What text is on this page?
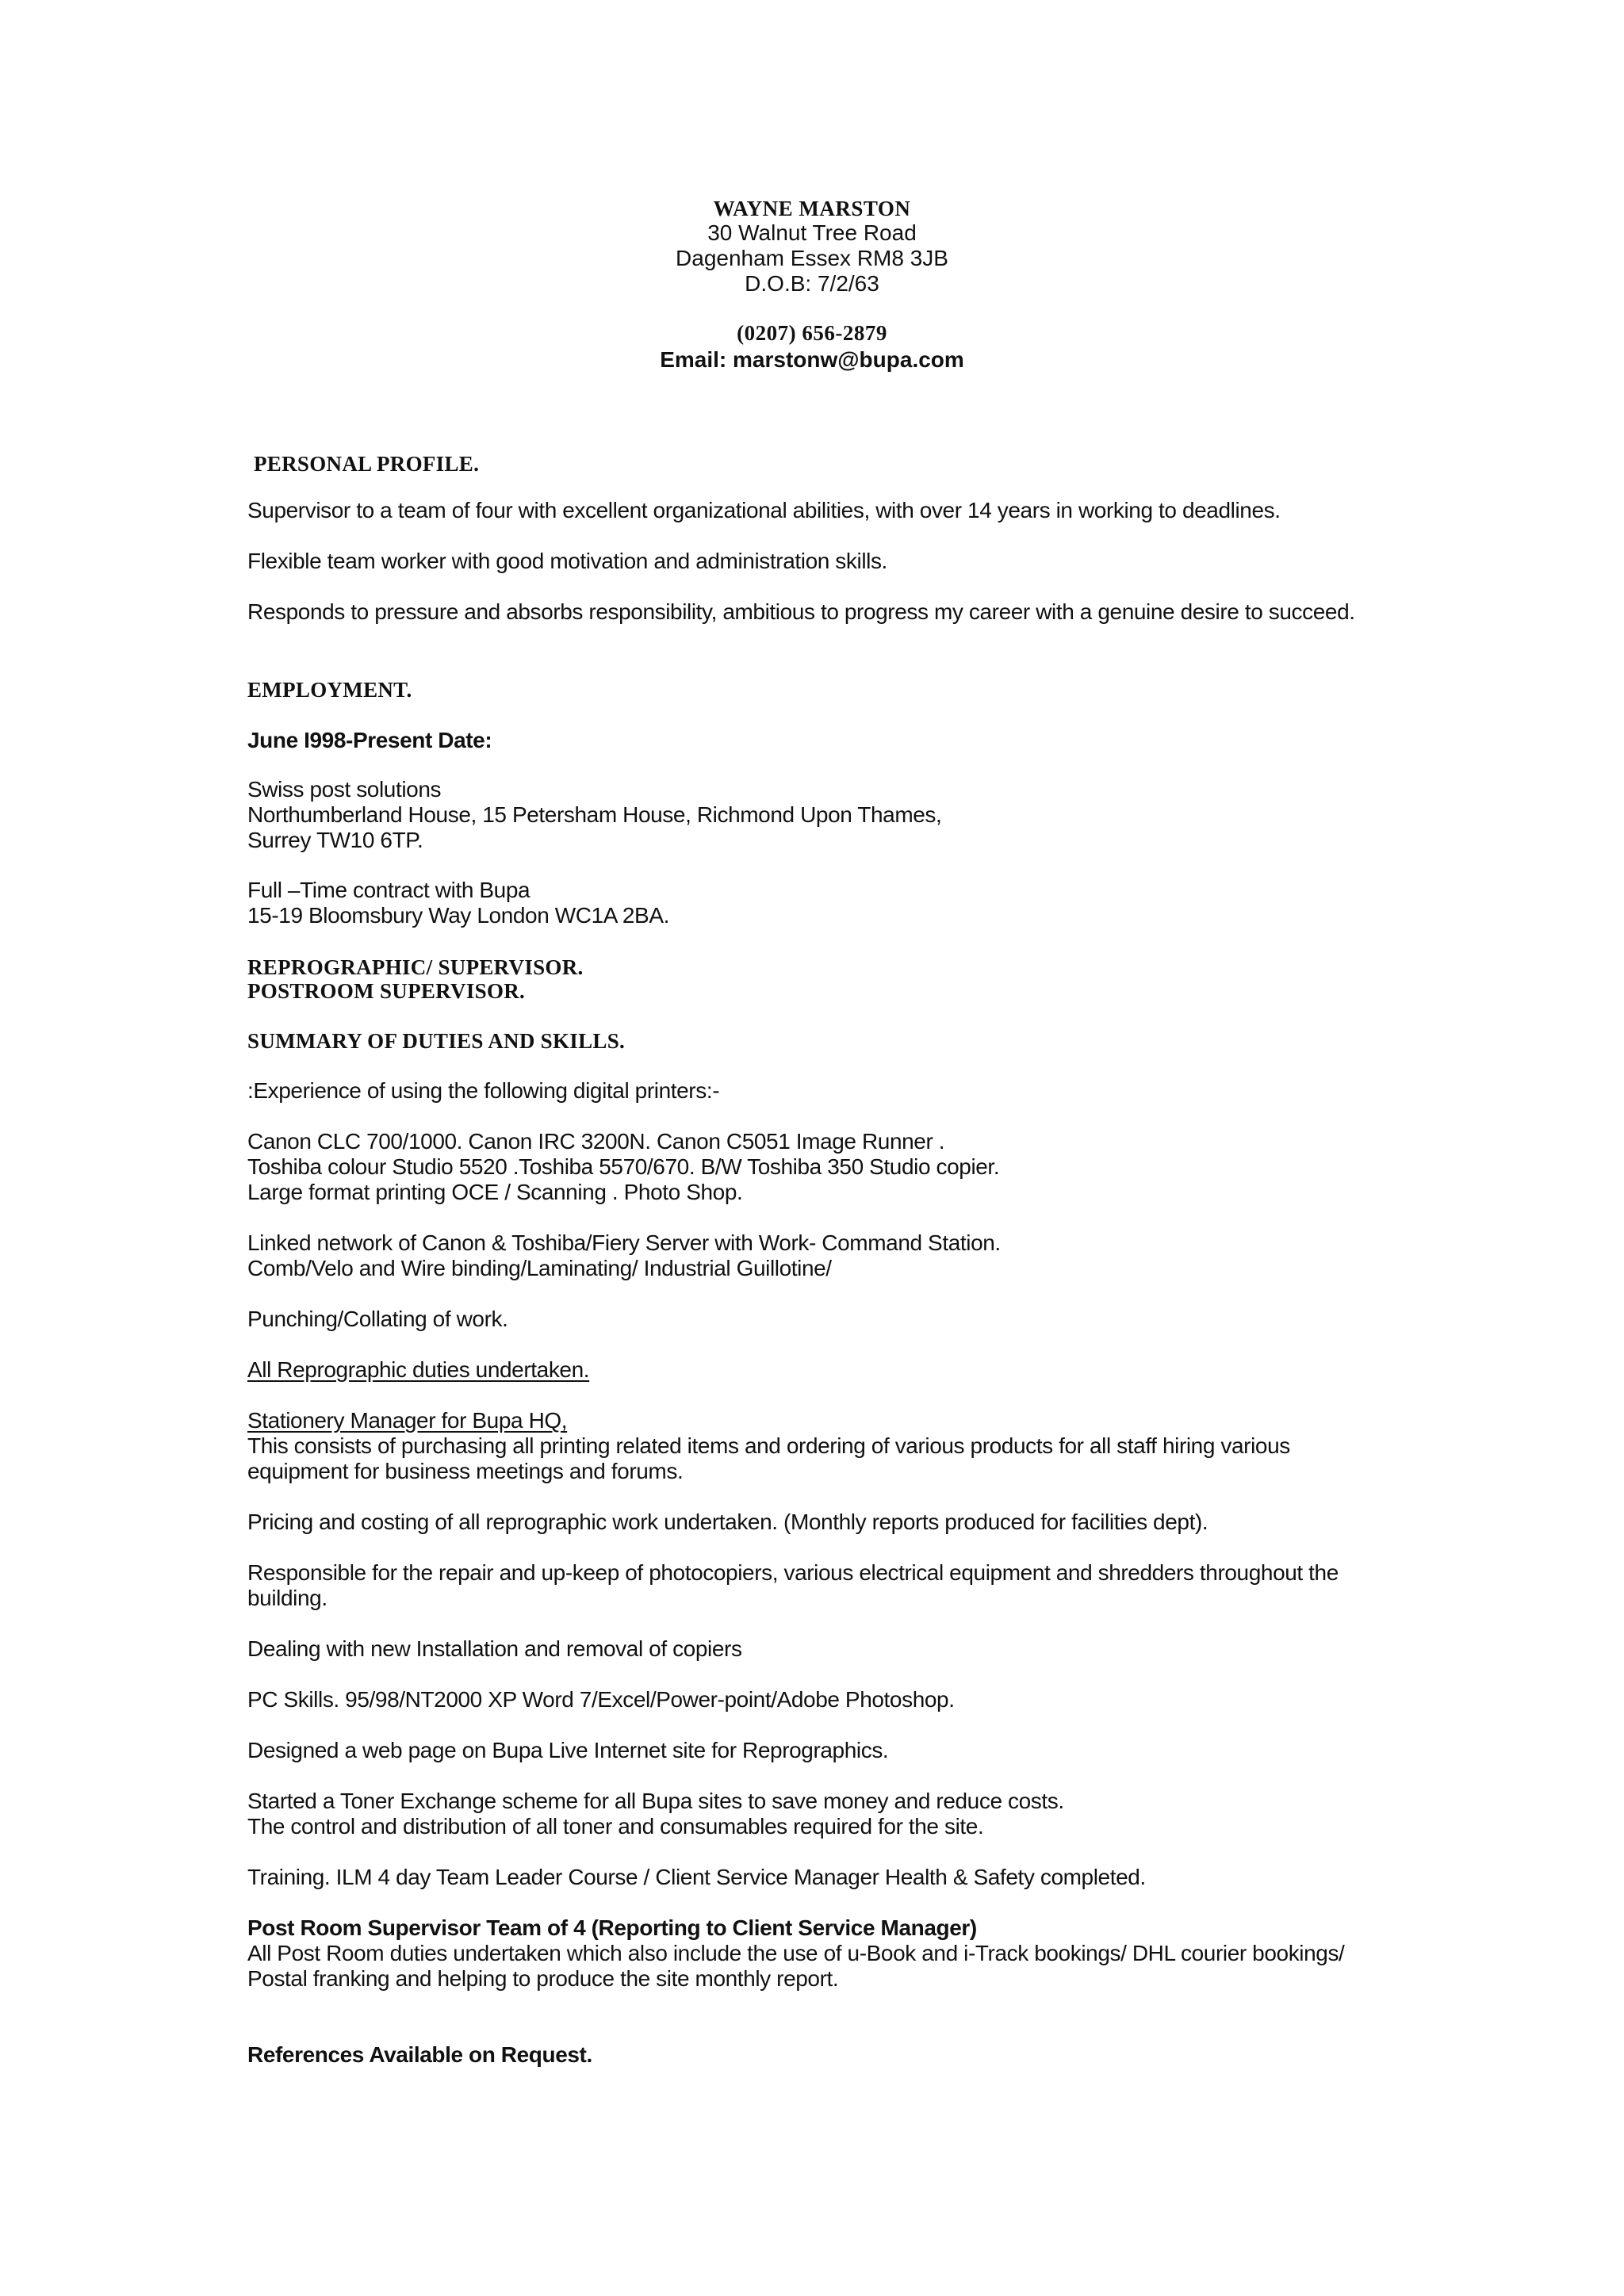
WAYNE MARSTON
30 Walnut Tree Road
Dagenham Essex RM8 3JB
D.O.B: 7/2/63
(0207) 656-2879
Email: marstonw@bupa.com
PERSONAL PROFILE.
Supervisor to a team of four with excellent organizational abilities, with over 14 years in working to deadlines.
Flexible team worker with good motivation and administration skills.
Responds to pressure and absorbs responsibility, ambitious to progress my career with a genuine desire to succeed.
EMPLOYMENT.
June I998-Present Date:
Swiss post solutions
Northumberland House, 15 Petersham House, Richmond Upon Thames,
Surrey TW10 6TP.
Full –Time contract with Bupa
15-19 Bloomsbury Way London WC1A 2BA.
REPROGRAPHIC/ SUPERVISOR.
POSTROOM SUPERVISOR.
SUMMARY OF DUTIES AND SKILLS.
:Experience of using the following digital printers:-
Canon CLC 700/1000. Canon IRC 3200N. Canon C5051 Image Runner .
Toshiba colour Studio 5520 .Toshiba 5570/670. B/W Toshiba 350 Studio copier.
Large format printing OCE / Scanning . Photo Shop.
Linked network of Canon & Toshiba/Fiery Server with Work- Command Station.
Comb/Velo and Wire binding/Laminating/ Industrial Guillotine/
Punching/Collating of work.
All Reprographic duties undertaken.
Stationery Manager for Bupa HQ,
This consists of purchasing all printing related items and ordering of various products for all staff hiring various
equipment for business meetings and forums.
Pricing and costing of all reprographic work undertaken. (Monthly reports produced for facilities dept).
Responsible for the repair and up-keep of photocopiers, various electrical equipment and shredders throughout the
building.
Dealing with new Installation and removal of copiers
PC Skills. 95/98/NT2000 XP Word 7/Excel/Power-point/Adobe Photoshop.
Designed a web page on Bupa Live Internet site for Reprographics.
Started a Toner Exchange scheme for all Bupa sites to save money and reduce costs.
The control and distribution of all toner and consumables required for the site.
Training. ILM 4 day Team Leader Course / Client Service Manager Health & Safety completed.
Post Room Supervisor Team of 4 (Reporting to Client Service Manager)
All Post Room duties undertaken which also include the use of u-Book and i-Track bookings/ DHL courier bookings/
Postal franking and helping to produce the site monthly report.
References Available on Request.
